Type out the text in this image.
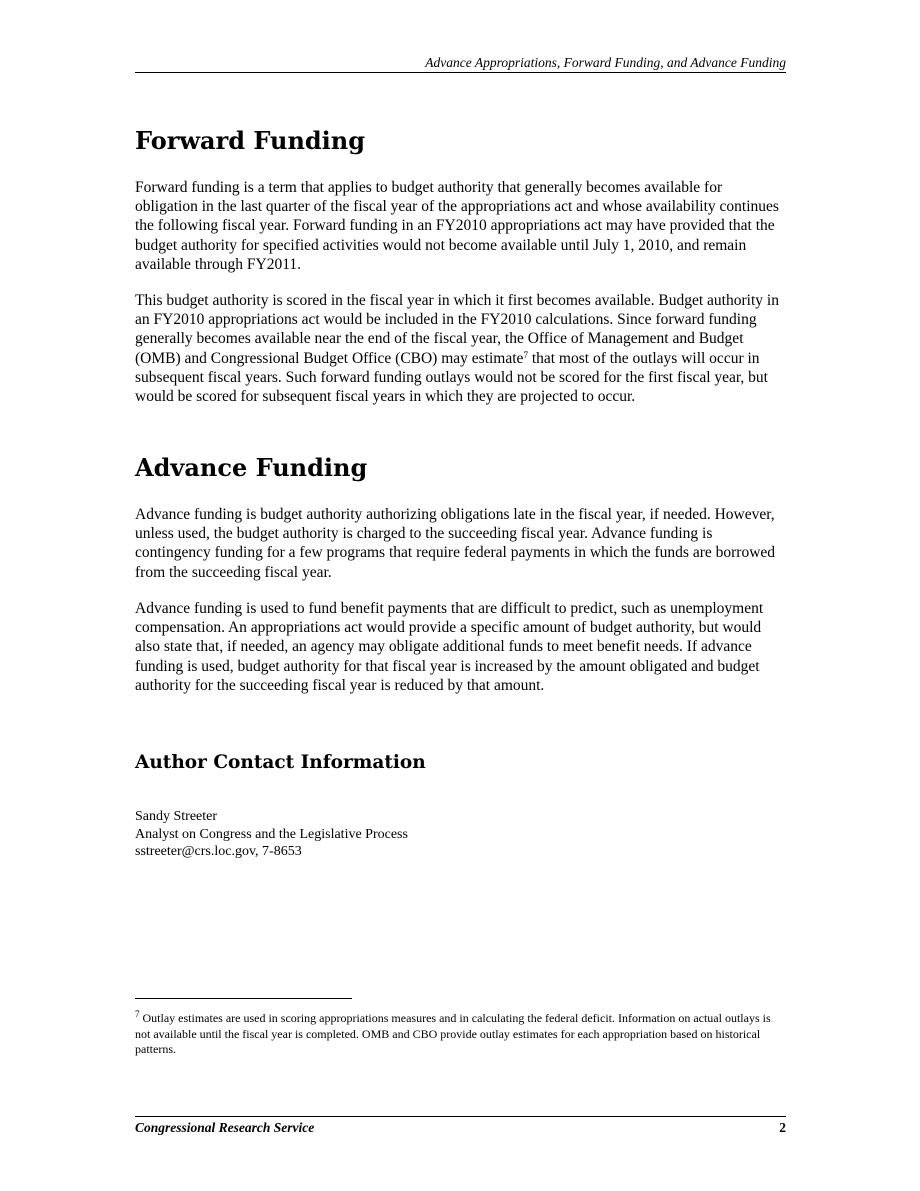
Advance Appropriations, Forward Funding, and Advance Funding
Forward Funding

Forward funding is a term that applies to budget authority that generally becomes available for obligation in the last quarter of the fiscal year of the appropriations act and whose availability continues the following fiscal year. Forward funding in an FY2010 appropriations act may have provided that the budget authority for specified activities would not become available until July 1, 2010, and remain available through FY2011.

This budget authority is scored in the fiscal year in which it first becomes available. Budget authority in an FY2010 appropriations act would be included in the FY2010 calculations. Since forward funding generally becomes available near the end of the fiscal year, the Office of Management and Budget (OMB) and Congressional Budget Office (CBO) may estimate$^7$ that most of the outlays will occur in subsequent fiscal years. Such forward funding outlays would not be scored for the first fiscal year, but would be scored for subsequent fiscal years in which they are projected to occur.

Advance Funding

Advance funding is budget authority authorizing obligations late in the fiscal year, if needed. However, unless used, the budget authority is charged to the succeeding fiscal year. Advance funding is contingency funding for a few programs that require federal payments in which the funds are borrowed from the succeeding fiscal year.

Advance funding is used to fund benefit payments that are difficult to predict, such as unemployment compensation. An appropriations act would provide a specific amount of budget authority, but would also state that, if needed, an agency may obligate additional funds to meet benefit needs. If advance funding is used, budget authority for that fiscal year is increased by the amount obligated and budget authority for the succeeding fiscal year is reduced by that amount.

Author Contact Information
Sandy Streeter
Analyst on Congress and the Legislative Process
sstreeter@crs.loc.gov, 7-8653
$^7$ Outlay estimates are used in scoring appropriations measures and in calculating the federal deficit. Information on actual outlays is not available until the fiscal year is completed. OMB and CBO provide outlay estimates for each appropriation based on historical patterns.
Congressional Research Service	2
